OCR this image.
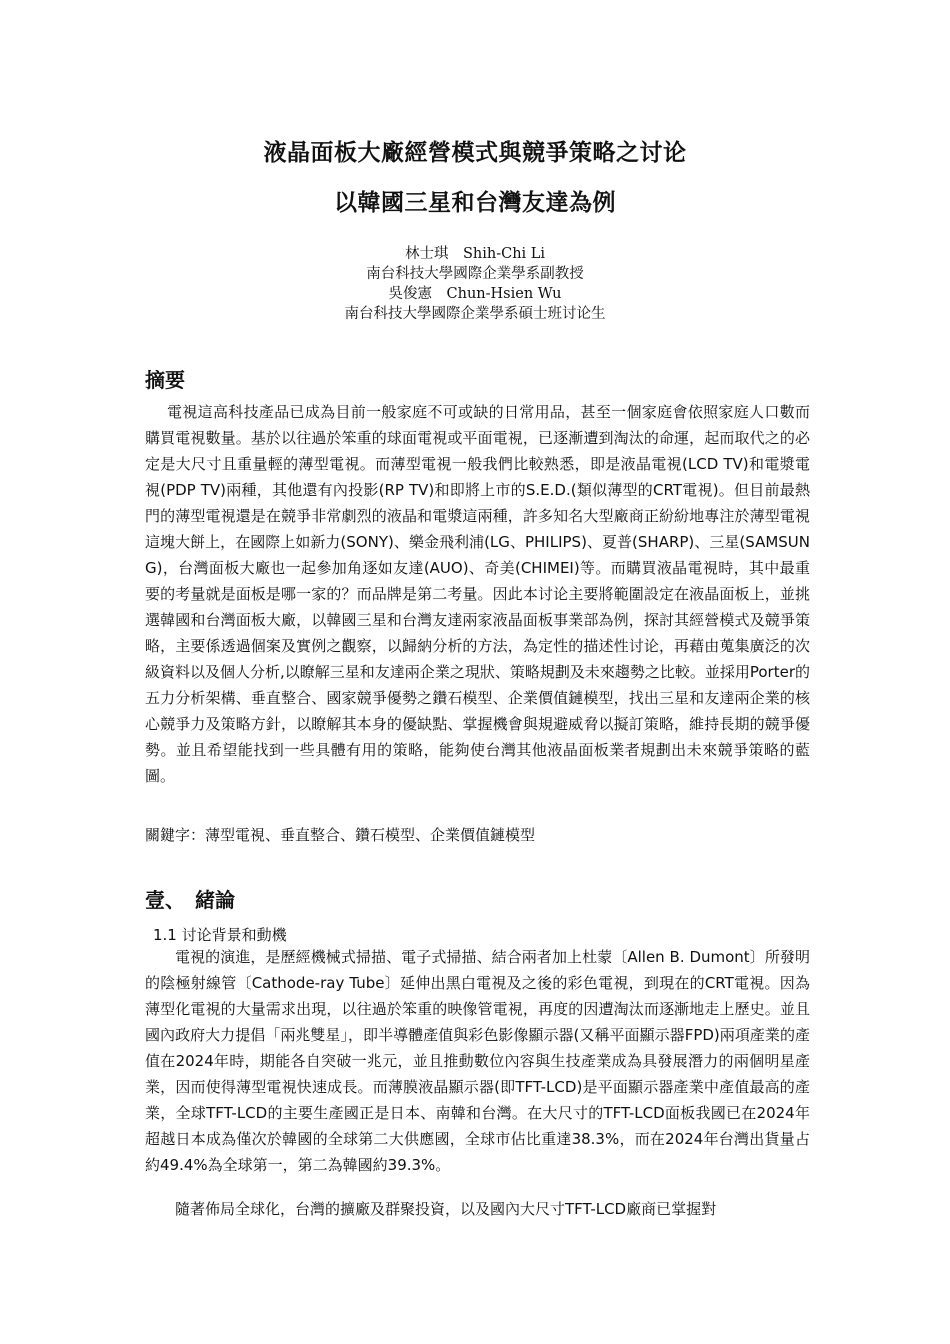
液晶面板大廠經營模式與競爭策略之讨论
以韓國三星和台灣友達為例
林士琪　Shih-Chi Li
南台科技大學國際企業學系副教授
吳俊憲　Chun-Hsien Wu
南台科技大學國際企業學系碩士班讨论生
摘要

電視這高科技產品已成為目前一般家庭不可或缺的日常用品，甚至一個家庭會依照家庭人口數而購買電視數量。基於以往過於笨重的球面電視或平面電視，已逐漸遭到淘汰的命運，起而取代之的必定是大尺寸且重量輕的薄型電視。而薄型電視一般我們比較熟悉，即是液晶電視(LCD TV)和電漿電視(PDP TV)兩種，其他還有內投影(RP TV)和即將上市的S.E.D.(類似薄型的CRT電視)。但目前最熱門的薄型電視還是在競爭非常劇烈的液晶和電漿這兩種，許多知名大型廠商正紛紛地專注於薄型電視這塊大餅上，在國際上如新力(SONY)、樂金飛利浦(LG、PHILIPS)、夏普(SHARP)、三星(SAMSUNG)，台灣面板大廠也一起參加角逐如友達(AUO)、奇美(CHIMEI)等。而購買液晶電視時，其中最重要的考量就是面板是哪一家的？而品牌是第二考量。因此本讨论主要將範圍設定在液晶面板上，並挑選韓國和台灣面板大廠，以韓國三星和台灣友達兩家液晶面板事業部為例，探討其經營模式及競爭策略，主要係透過個案及實例之觀察，以歸納分析的方法，為定性的描述性讨论，再藉由蒐集廣泛的次級資料以及個人分析,以瞭解三星和友達兩企業之現狀、策略規劃及未來趨勢之比較。並採用Porter的五力分析架構、垂直整合、國家競爭優勢之鑽石模型、企業價值鏈模型，找出三星和友達兩企業的核心競爭力及策略方針，以瞭解其本身的優缺點、掌握機會與規避威脅以擬訂策略，維持長期的競爭優勢。並且希望能找到一些具體有用的策略，能夠使台灣其他液晶面板業者規劃出未來競爭策略的藍圖。

關鍵字：薄型電視、垂直整合、鑽石模型、企業價值鏈模型

壹、　緒論
1.1 讨论背景和動機

電視的演進，是歷經機械式掃描、電子式掃描、結合兩者加上杜蒙〔Allen B. Dumont〕所發明的陰極射線管〔Cathode-ray Tube〕延伸出黑白電視及之後的彩色電視，到現在的CRT電視。因為薄型化電視的大量需求出現，以往過於笨重的映像管電視，再度的因遭淘汰而逐漸地走上歷史。並且國內政府大力提倡「兩兆雙星」，即半導體產值與彩色影像顯示器(又稱平面顯示器FPD)兩項產業的產值在2024年時，期能各自突破一兆元，並且推動數位內容與生技產業成為具發展潛力的兩個明星產業，因而使得薄型電視快速成長。而薄膜液晶顯示器(即TFT-LCD)是平面顯示器產業中產值最高的產業，全球TFT-LCD的主要生產國正是日本、南韓和台灣。在大尺寸的TFT-LCD面板我國已在2024年超越日本成為僅次於韓國的全球第二大供應國，全球市佔比重達38.3%，而在2024年台灣出貨量占約49.4%為全球第一，第二為韓國約39.3%。

隨著佈局全球化，台灣的擴廠及群聚投資，以及國內大尺寸TFT-LCD廠商已掌握對
